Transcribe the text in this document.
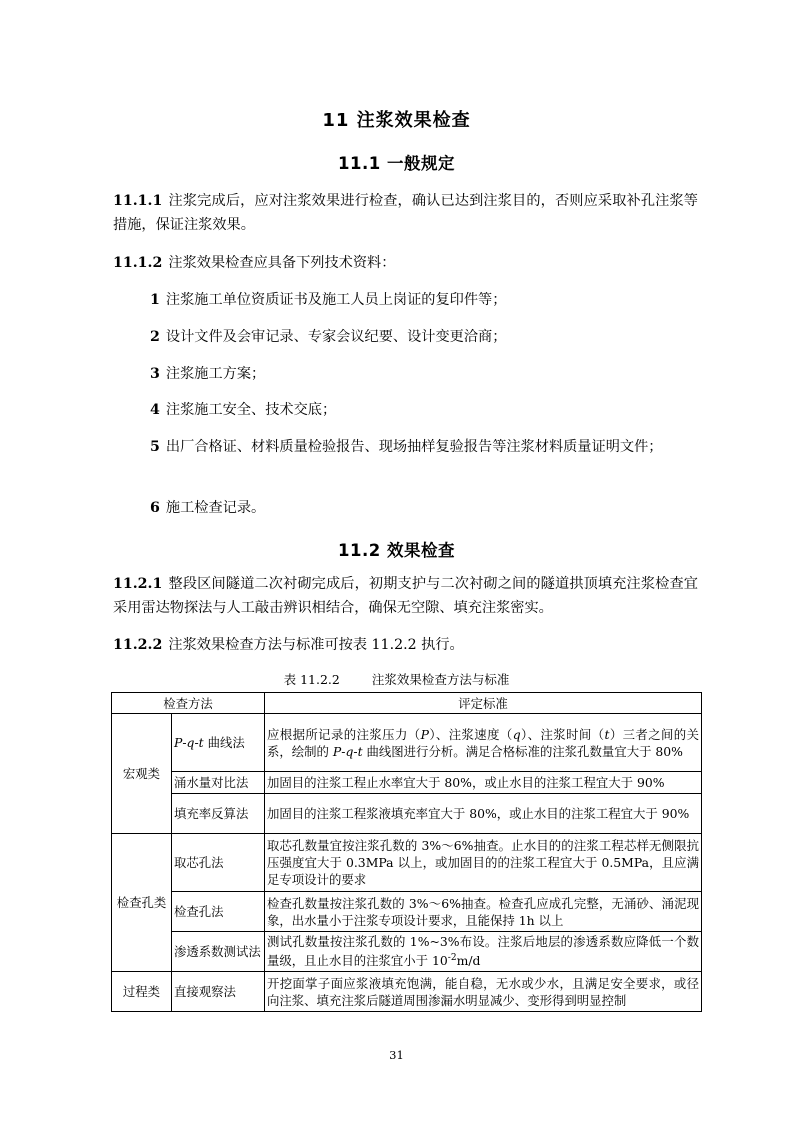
11 注浆效果检查
11.1 一般规定
11.1.1 注浆完成后，应对注浆效果进行检查，确认已达到注浆目的，否则应采取补孔注浆等措施，保证注浆效果。
11.1.2 注浆效果检查应具备下列技术资料：
1 注浆施工单位资质证书及施工人员上岗证的复印件等；
2 设计文件及会审记录、专家会议纪要、设计变更洽商；
3 注浆施工方案；
4 注浆施工安全、技术交底；
5 出厂合格证、材料质量检验报告、现场抽样复验报告等注浆材料质量证明文件；
6 施工检查记录。
11.2 效果检查
11.2.1 整段区间隧道二次衬砌完成后，初期支护与二次衬砌之间的隧道拱顶填充注浆检查宜采用雷达物探法与人工敲击辨识相结合，确保无空隙、填充注浆密实。
11.2.2 注浆效果检查方法与标准可按表 11.2.2 执行。
表 11.2.2	注浆效果检查方法与标准
检查方法		评定标准
宏观类	P-q-t 曲线法	应根据所记录的注浆压力（P）、注浆速度（q）、注浆时间（t）三者之间的关系，绘制的 P-q-t 曲线图进行分析。满足合格标准的注浆孔数量宜大于 80%
	涌水量对比法	加固目的注浆工程止水率宜大于 80%，或止水目的注浆工程宜大于 90%
	填充率反算法	加固目的注浆工程浆液填充率宜大于 80%，或止水目的注浆工程宜大于 90%
检查孔类	取芯孔法	取芯孔数量宜按注浆孔数的 3%～6%抽查。止水目的的注浆工程芯样无侧限抗压强度宜大于 0.3MPa 以上，或加固目的的注浆工程宜大于 0.5MPa，且应满足专项设计的要求
	检查孔法	检查孔数量按注浆孔数的 3%～6%抽查。检查孔应成孔完整，无涌砂、涌泥现象，出水量小于注浆专项设计要求，且能保持 1h 以上
	渗透系数测试法	测试孔数量按注浆孔数的 1%~3%布设。注浆后地层的渗透系数应降低一个数量级，且止水目的注浆宜小于 $10^{-2}m/d$
过程类	直接观察法	开挖面掌子面应浆液填充饱满，能自稳，无水或少水，且满足安全要求，或径向注浆、填充注浆后隧道周围渗漏水明显减少、变形得到明显控制
31
